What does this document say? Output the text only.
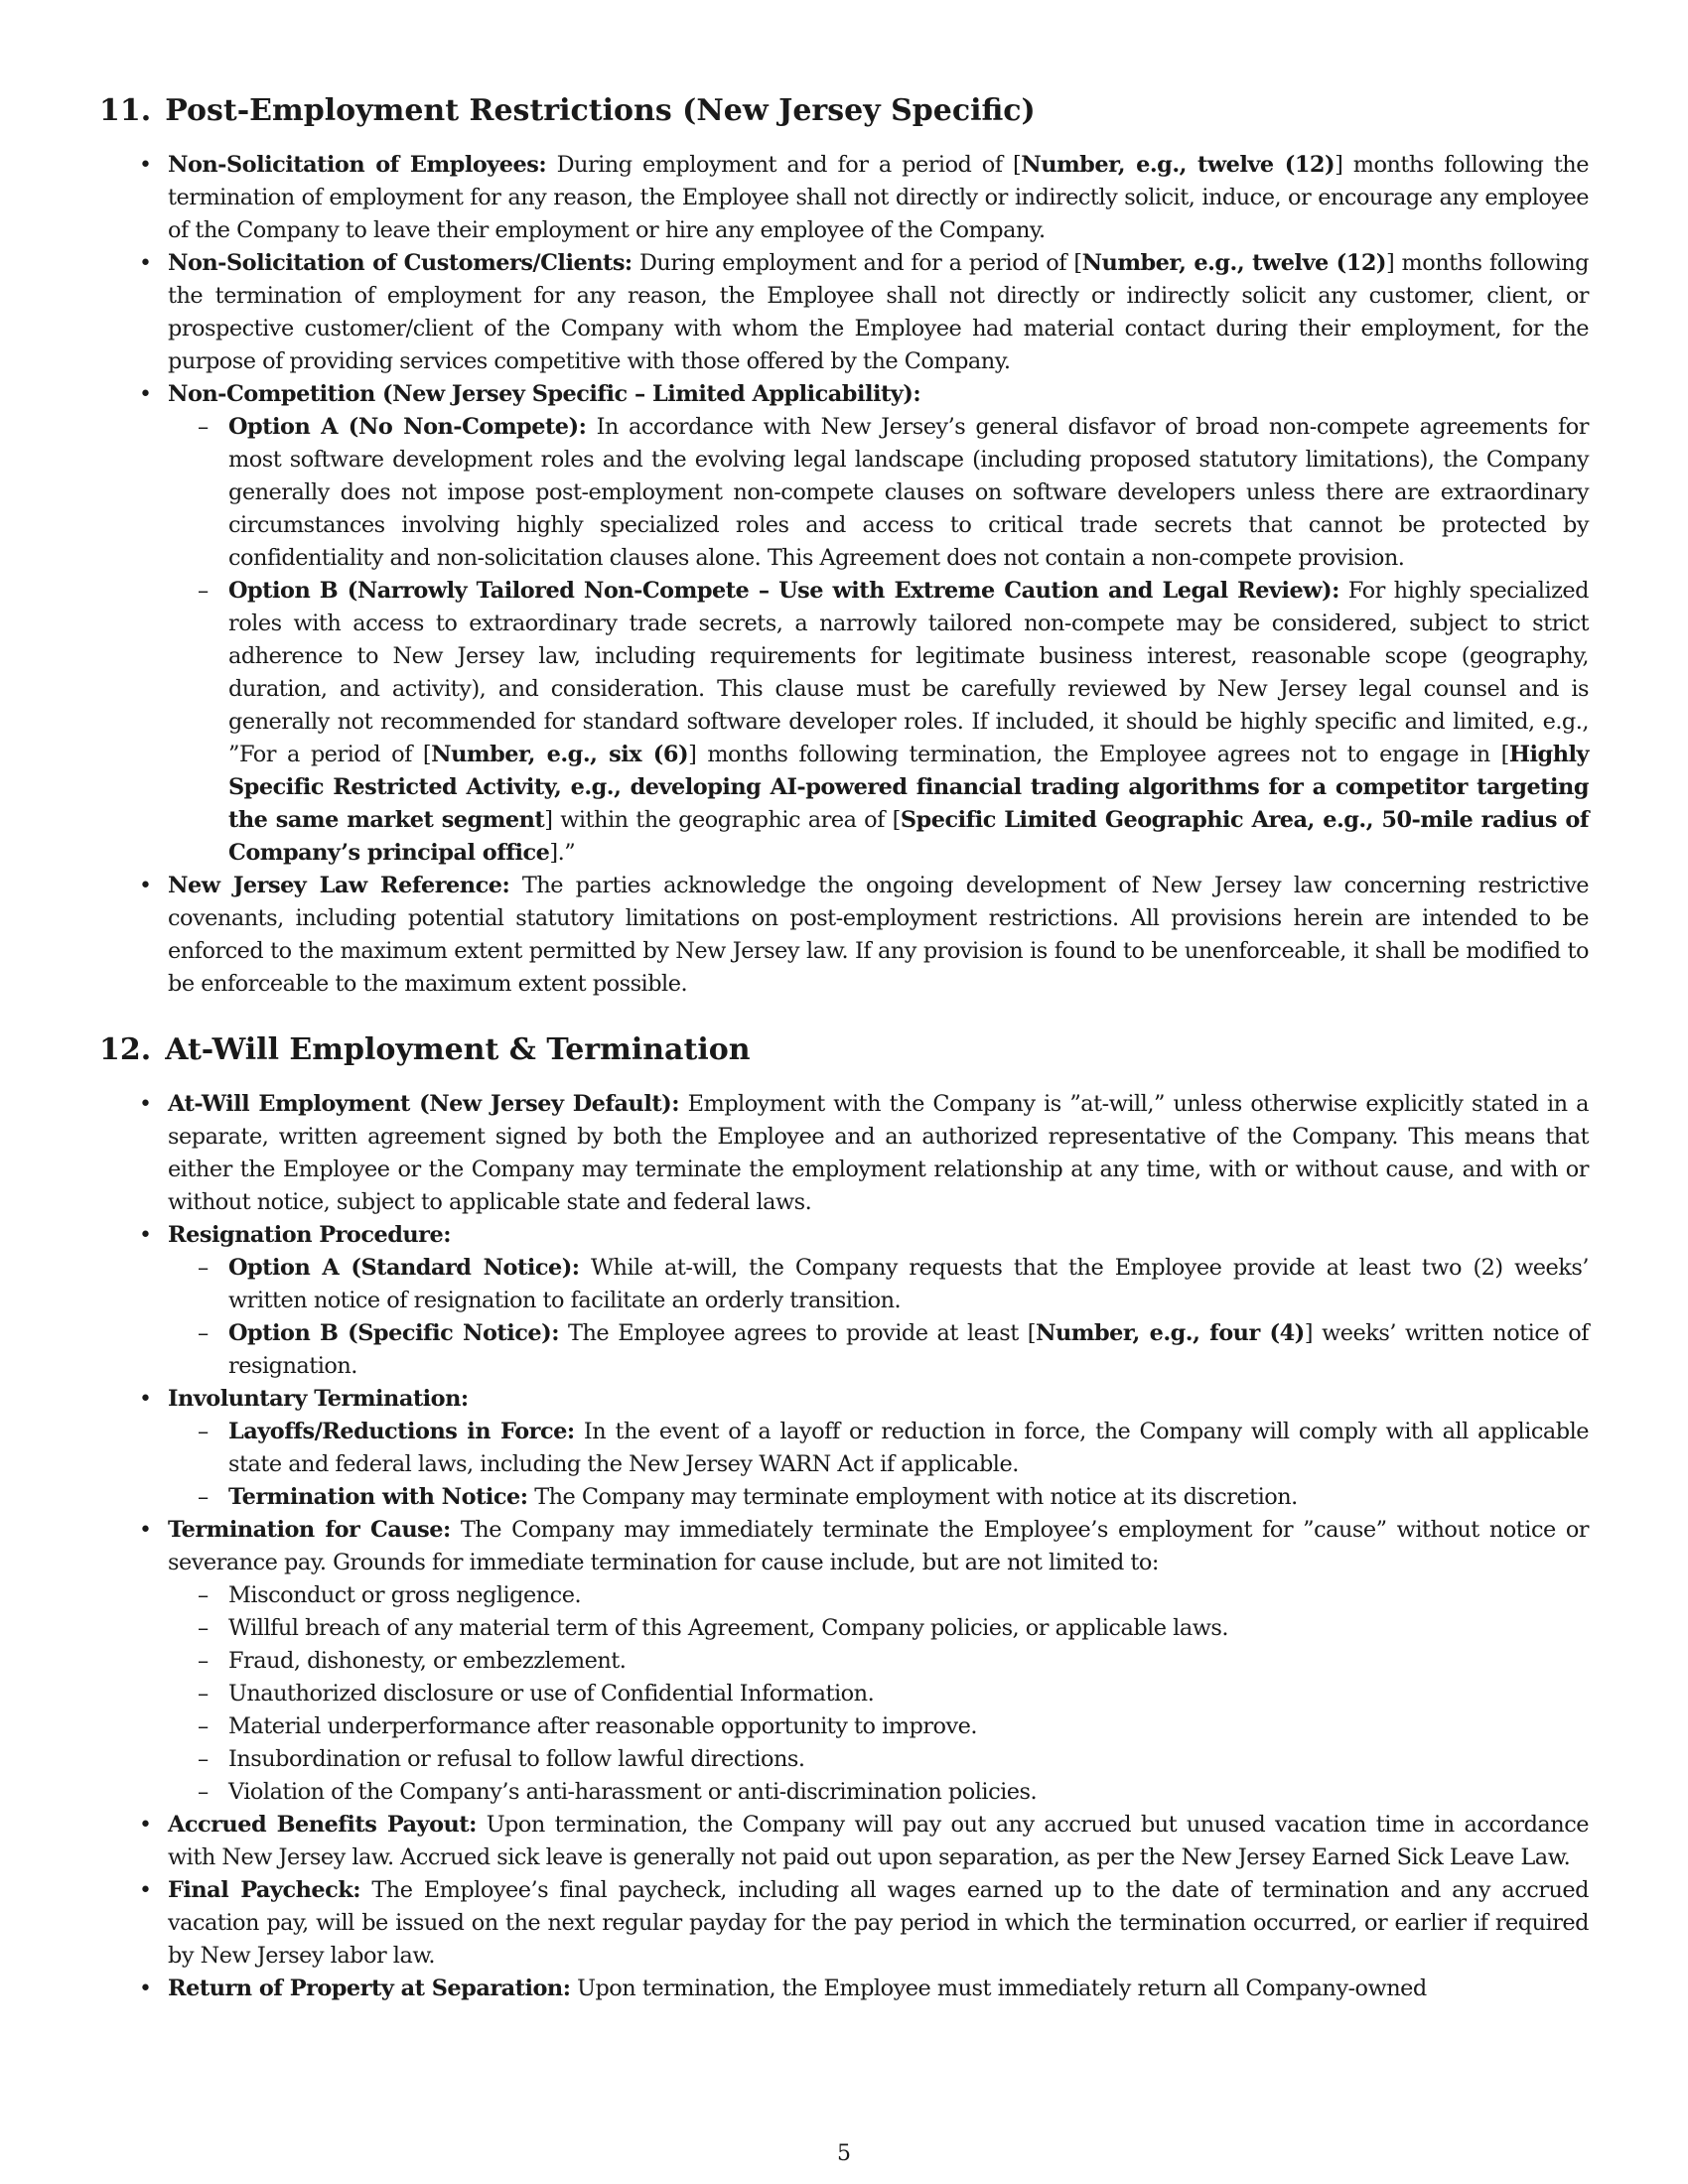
11. Post-Employment Restrictions (New Jersey Specific)
• Non-Solicitation of Employees: During employment and for a period of [Number, e.g., twelve (12)] months following the termination of employment for any reason, the Employee shall not directly or indirectly solicit, induce, or encourage any employee of the Company to leave their employment or hire any employee of the Company.
• Non-Solicitation of Customers/Clients: During employment and for a period of [Number, e.g., twelve (12)] months following the termination of employment for any reason, the Employee shall not directly or indirectly solicit any customer, client, or prospective customer/client of the Company with whom the Employee had material contact during their employment, for the purpose of providing services competitive with those offered by the Company.
• Non-Competition (New Jersey Specific – Limited Applicability):
– Option A (No Non-Compete): In accordance with New Jersey’s general disfavor of broad non-compete agreements for most software development roles and the evolving legal landscape (including proposed statutory limitations), the Company generally does not impose post-employment non-compete clauses on software developers unless there are extraordinary circumstances involving highly specialized roles and access to critical trade secrets that cannot be protected by confidentiality and non-solicitation clauses alone. This Agreement does not contain a non-compete provision.
– Option B (Narrowly Tailored Non-Compete – Use with Extreme Caution and Legal Review): For highly specialized roles with access to extraordinary trade secrets, a narrowly tailored non-compete may be considered, subject to strict adherence to New Jersey law, including requirements for legitimate business interest, reasonable scope (geography, duration, and activity), and consideration. This clause must be carefully reviewed by New Jersey legal counsel and is generally not recommended for standard software developer roles. If included, it should be highly specific and limited, e.g., ”For a period of [Number, e.g., six (6)] months following termination, the Employee agrees not to engage in [Highly Specific Restricted Activity, e.g., developing AI-powered financial trading algorithms for a competitor targeting the same market segment] within the geographic area of [Specific Limited Geographic Area, e.g., 50-mile radius of Company’s principal office].”
• New Jersey Law Reference: The parties acknowledge the ongoing development of New Jersey law concerning restrictive covenants, including potential statutory limitations on post-employment restrictions. All provisions herein are intended to be enforced to the maximum extent permitted by New Jersey law. If any provision is found to be unenforceable, it shall be modified to be enforceable to the maximum extent possible.
12. At-Will Employment & Termination
• At-Will Employment (New Jersey Default): Employment with the Company is ”at-will,” unless otherwise explicitly stated in a separate, written agreement signed by both the Employee and an authorized representative of the Company. This means that either the Employee or the Company may terminate the employment relationship at any time, with or without cause, and with or without notice, subject to applicable state and federal laws.
• Resignation Procedure:
– Option A (Standard Notice): While at-will, the Company requests that the Employee provide at least two (2) weeks’ written notice of resignation to facilitate an orderly transition.
– Option B (Specific Notice): The Employee agrees to provide at least [Number, e.g., four (4)] weeks’ written notice of resignation.
• Involuntary Termination:
– Layoffs/Reductions in Force: In the event of a layoff or reduction in force, the Company will comply with all applicable state and federal laws, including the New Jersey WARN Act if applicable.
– Termination with Notice: The Company may terminate employment with notice at its discretion.
• Termination for Cause: The Company may immediately terminate the Employee’s employment for ”cause” without notice or severance pay. Grounds for immediate termination for cause include, but are not limited to:
– Misconduct or gross negligence.
– Willful breach of any material term of this Agreement, Company policies, or applicable laws.
– Fraud, dishonesty, or embezzlement.
– Unauthorized disclosure or use of Confidential Information.
– Material underperformance after reasonable opportunity to improve.
– Insubordination or refusal to follow lawful directions.
– Violation of the Company’s anti-harassment or anti-discrimination policies.
• Accrued Benefits Payout: Upon termination, the Company will pay out any accrued but unused vacation time in accordance with New Jersey law. Accrued sick leave is generally not paid out upon separation, as per the New Jersey Earned Sick Leave Law.
• Final Paycheck: The Employee’s final paycheck, including all wages earned up to the date of termination and any accrued vacation pay, will be issued on the next regular payday for the pay period in which the termination occurred, or earlier if required by New Jersey labor law.
• Return of Property at Separation: Upon termination, the Employee must immediately return all Company-owned
5
